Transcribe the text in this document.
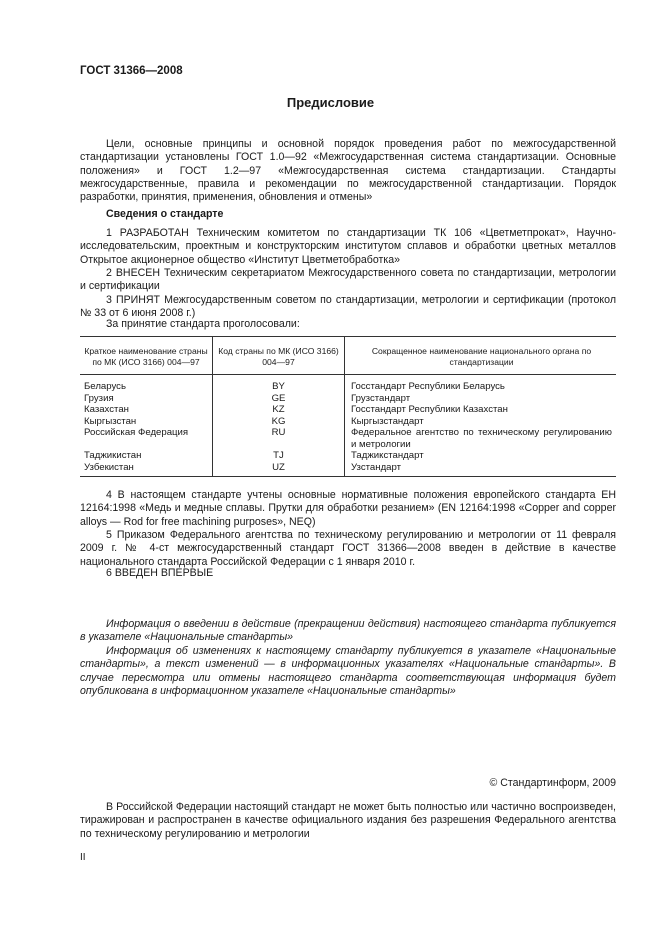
ГОСТ 31366—2008
Предисловие
Цели, основные принципы и основной порядок проведения работ по межгосударственной стандартизации установлены ГОСТ 1.0—92 «Межгосударственная система стандартизации. Основные положения» и ГОСТ 1.2—97 «Межгосударственная система стандартизации. Стандарты межгосударственные, правила и рекомендации по межгосударственной стандартизации. Порядок разработки, принятия, применения, обновления и отмены»
Сведения о стандарте
1 РАЗРАБОТАН Техническим комитетом по стандартизации ТК 106 «Цветметпрокат», Научно-исследовательским, проектным и конструкторским институтом сплавов и обработки цветных металлов Открытое акционерное общество «Институт Цветметобработка»
2 ВНЕСЕН Техническим секретариатом Межгосударственного совета по стандартизации, метрологии и сертификации
3 ПРИНЯТ Межгосударственным советом по стандартизации, метрологии и сертификации (протокол № 33 от 6 июня 2008 г.)
За принятие стандарта проголосовали:
Краткое наименование страны по МК (ИСО 3166) 004—97	Код страны по МК (ИСО 3166) 004—97	Сокращенное наименование национального органа по стандартизации
Беларусь	BY	Госстандарт Республики Беларусь
Грузия	GE	Грузстандарт
Казахстан	KZ	Госстандарт Республики Казахстан
Кыргызстан	KG	Кыргызстандарт
Российская Федерация	RU	Федеральное агентство по техническому регулированию и метрологии
Таджикистан	TJ	Таджикстандарт
Узбекистан	UZ	Узстандарт
4 В настоящем стандарте учтены основные нормативные положения европейского стандарта ЕН 12164:1998 «Медь и медные сплавы. Прутки для обработки резанием» (EN 12164:1998 «Copper and copper alloys — Rod for free machining purposes», NEQ)
5 Приказом Федерального агентства по техническому регулированию и метрологии от 11 февраля 2009 г. № 4-ст межгосударственный стандарт ГОСТ 31366—2008 введен в действие в качестве национального стандарта Российской Федерации с 1 января 2010 г.
6 ВВЕДЕН ВПЕРВЫЕ
Информация о введении в действие (прекращении действия) настоящего стандарта публикуется в указателе «Национальные стандарты»
Информация об изменениях к настоящему стандарту публикуется в указателе «Национальные стандарты», а текст изменений — в информационных указателях «Национальные стандарты». В случае пересмотра или отмены настоящего стандарта соответствующая информация будет опубликована в информационном указателе «Национальные стандарты»
© Стандартинформ, 2009
В Российской Федерации настоящий стандарт не может быть полностью или частично воспроизведен, тиражирован и распространен в качестве официального издания без разрешения Федерального агентства по техническому регулированию и метрологии
II
